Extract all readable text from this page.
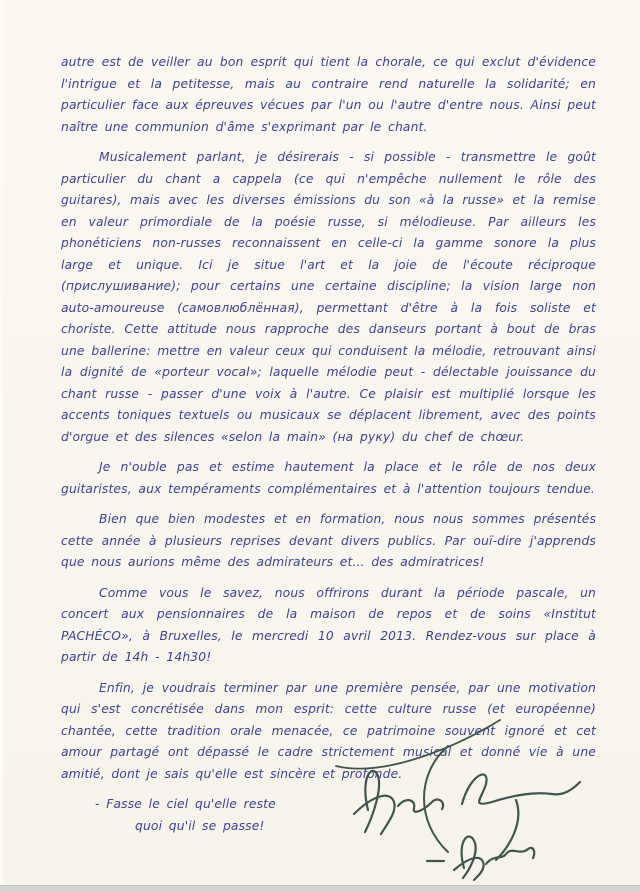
autre est de veiller au bon esprit qui tient la chorale, ce qui exclut d'évidence l'intrigue et la petitesse, mais au contraire rend naturelle la solidarité; en particulier face aux épreuves vécues par l'un ou l'autre d'entre nous. Ainsi peut naître une communion d'âme s'exprimant par le chant.

Musicalement parlant, je désirerais - si possible - transmettre le goût particulier du chant a cappela (ce qui n'empêche nullement le rôle des guitares), mais avec les diverses émissions du son «à la russe» et la remise en valeur primordiale de la poésie russe, si mélodieuse. Par ailleurs les phonéticiens non-russes reconnaissent en celle-ci la gamme sonore la plus large et unique. Ici je situe l'art et la joie de l'écoute réciproque (прислушивание); pour certains une certaine discipline; la vision large non auto-amoureuse (самовлюблённая), permettant d'être à la fois soliste et choriste. Cette attitude nous rapproche des danseurs portant à bout de bras une ballerine: mettre en valeur ceux qui conduisent la mélodie, retrouvant ainsi la dignité de «porteur vocal»; laquelle mélodie peut - délectable jouissance du chant russe - passer d'une voix à l'autre. Ce plaisir est multiplié lorsque les accents toniques textuels ou musicaux se déplacent librement, avec des points d'orgue et des silences «selon la main» (на руку) du chef de chœur.

Je n'ouble pas et estime hautement la place et le rôle de nos deux guitaristes, aux tempéraments complémentaires et à l'attention toujours tendue.

Bien que bien modestes et en formation, nous nous sommes présentés cette année à plusieurs reprises devant divers publics. Par ouï-dire j'apprends que nous aurions même des admirateurs et... des admiratrices!

Comme vous le savez, nous offrirons durant la période pascale, un concert aux pensionnaires de la maison de repos et de soins «Institut PACHÉCO», à Bruxelles, le mercredi 10 avril 2013. Rendez-vous sur place à partir de 14h - 14h30!

Enfin, je voudrais terminer par une première pensée, par une motivation qui s'est concrétisée dans mon esprit: cette culture russe (et européenne) chantée, cette tradition orale menacée, ce patrimoine souvent ignoré et cet amour partagé ont dépassé le cadre strictement musical et donné vie à une amitié, dont je sais qu'elle est sincère et profonde.

- Fasse le ciel qu'elle reste
quoi qu'il se passe!
